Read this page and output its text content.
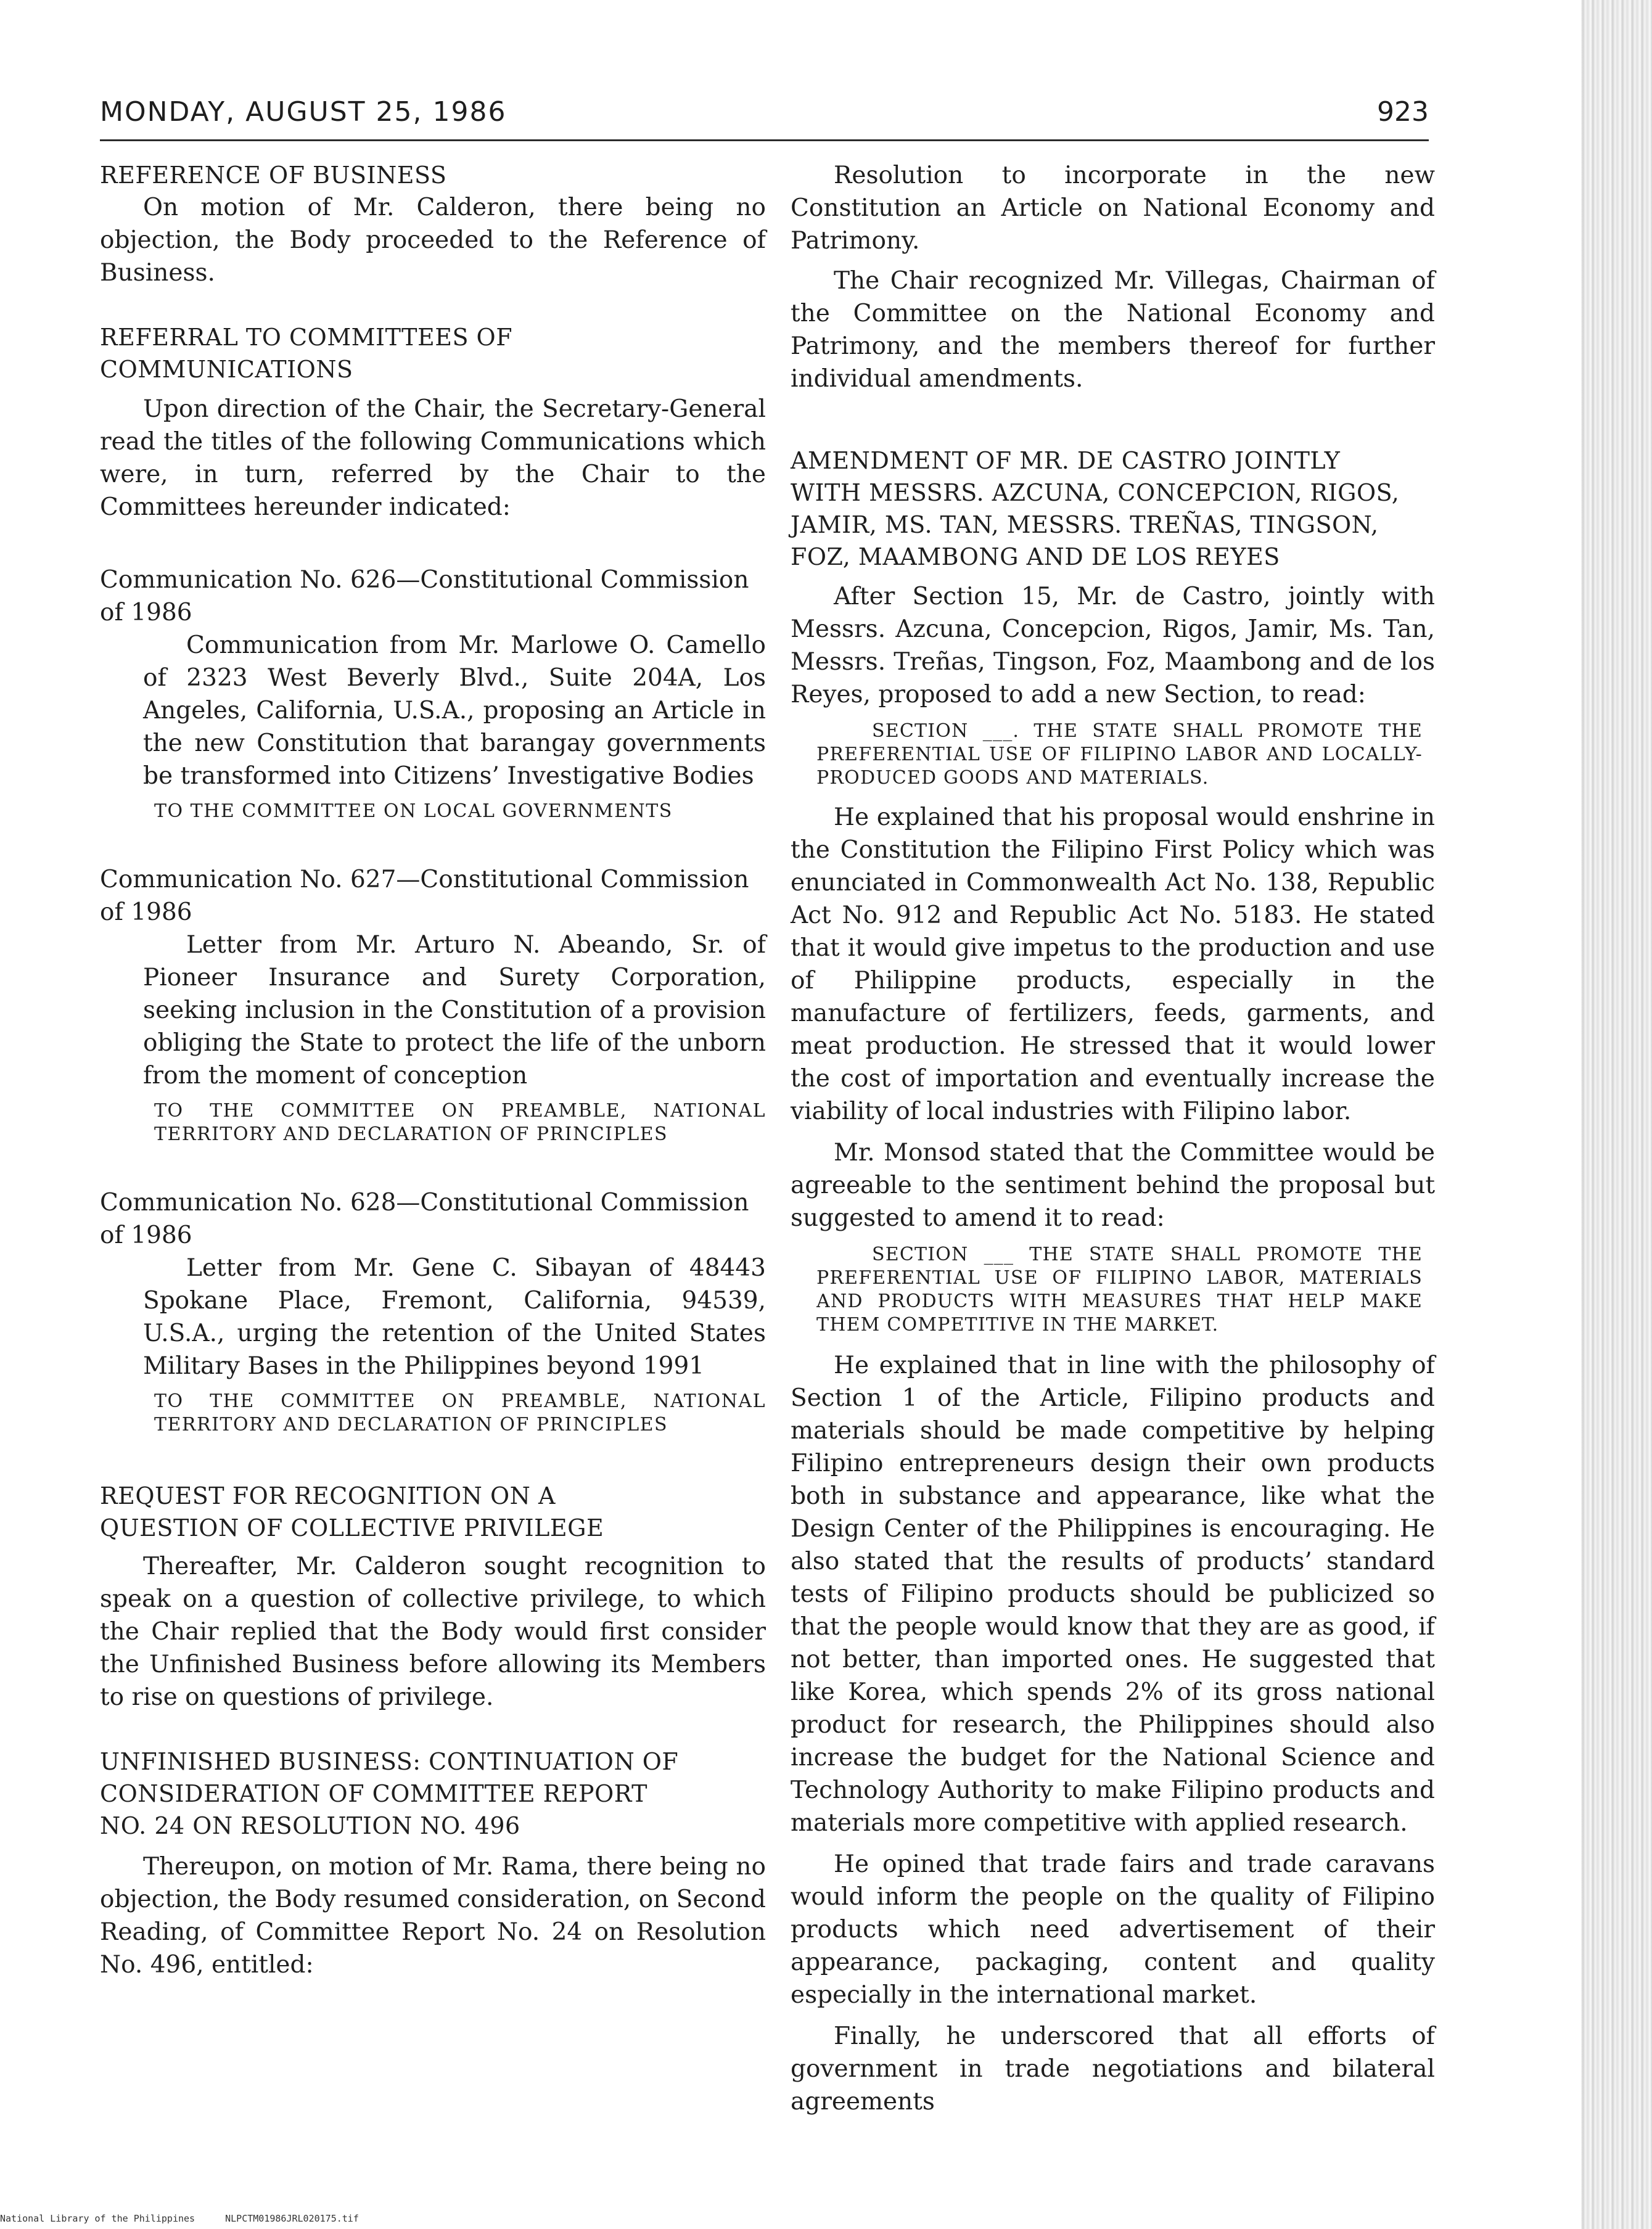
MONDAY, AUGUST 25, 1986	923

REFERENCE OF BUSINESS

On motion of Mr. Calderon, there being no objection, the Body proceeded to the Reference of Business.

REFERRAL TO COMMITTEES OF

COMMUNICATIONS

Upon direction of the Chair, the Secretary-General read the titles of the following Communications which were, in turn, referred by the Chair to the Committees hereunder indicated:

Communication No. 626—Constitutional Commission of 1986

Communication from Mr. Marlowe O. Camello of 2323 West Beverly Blvd., Suite 204A, Los Angeles, California, U.S.A., proposing an Article in the new Constitution that barangay governments be transformed into Citizens’ Investigative Bodies

TO THE COMMITTEE ON LOCAL GOVERNMENTS

Communication No. 627—Constitutional Commission of 1986

Letter from Mr. Arturo N. Abeando, Sr. of Pioneer Insurance and Surety Corporation, seeking inclusion in the Constitution of a provision obliging the State to protect the life of the unborn from the moment of conception

TO THE COMMITTEE ON PREAMBLE, NATIONAL TERRITORY AND DECLARATION OF PRINCIPLES

Communication No. 628—Constitutional Commission of 1986

Letter from Mr. Gene C. Sibayan of 48443 Spokane Place, Fremont, California, 94539, U.S.A., urging the retention of the United States Military Bases in the Philippines beyond 1991

TO THE COMMITTEE ON PREAMBLE, NATIONAL TERRITORY AND DECLARATION OF PRINCIPLES

REQUEST FOR RECOGNITION ON A

QUESTION OF COLLECTIVE PRIVILEGE

Thereafter, Mr. Calderon sought recognition to speak on a question of collective privilege, to which the Chair replied that the Body would first consider the Unfinished Business before allowing its Members to rise on questions of privilege.

UNFINISHED BUSINESS: CONTINUATION OF

CONSIDERATION OF COMMITTEE REPORT

NO. 24 ON RESOLUTION NO. 496

Thereupon, on motion of Mr. Rama, there being no objection, the Body resumed consideration, on Second Reading, of Committee Report No. 24 on Resolution No. 496, entitled:

Resolution to incorporate in the new Constitution an Article on National Economy and Patrimony.

The Chair recognized Mr. Villegas, Chairman of the Committee on the National Economy and Patrimony, and the members thereof for further individual amendments.

AMENDMENT OF MR. DE CASTRO JOINTLY

WITH MESSRS. AZCUNA, CONCEPCION, RIGOS,

JAMIR, MS. TAN, MESSRS. TREÑAS, TINGSON,

FOZ, MAAMBONG AND DE LOS REYES

After Section 15, Mr. de Castro, jointly with Messrs. Azcuna, Concepcion, Rigos, Jamir, Ms. Tan, Messrs. Treñas, Tingson, Foz, Maambong and de los Reyes, proposed to add a new Section, to read:

SECTION ___. THE STATE SHALL PROMOTE THE PREFERENTIAL USE OF FILIPINO LABOR AND LOCALLY-PRODUCED GOODS AND MATERIALS.

He explained that his proposal would enshrine in the Constitution the Filipino First Policy which was enunciated in Commonwealth Act No. 138, Republic Act No. 912 and Republic Act No. 5183. He stated that it would give impetus to the production and use of Philippine products, especially in the manufacture of fertilizers, feeds, garments, and meat production. He stressed that it would lower the cost of importation and eventually increase the viability of local industries with Filipino labor.

Mr. Monsod stated that the Committee would be agreeable to the sentiment behind the proposal but suggested to amend it to read:

SECTION ___ THE STATE SHALL PROMOTE THE PREFERENTIAL USE OF FILIPINO LABOR, MATERIALS AND PRODUCTS WITH MEASURES THAT HELP MAKE THEM COMPETITIVE IN THE MARKET.

He explained that in line with the philosophy of Section 1 of the Article, Filipino products and materials should be made competitive by helping Filipino entrepreneurs design their own products both in substance and appearance, like what the Design Center of the Philippines is encouraging. He also stated that the results of products’ standard tests of Filipino products should be publicized so that the people would know that they are as good, if not better, than imported ones. He suggested that like Korea, which spends 2% of its gross national product for research, the Philippines should also increase the budget for the National Science and Technology Authority to make Filipino products and materials more competitive with applied research.

He opined that trade fairs and trade caravans would inform the people on the quality of Filipino products which need advertisement of their appearance, packaging, content and quality especially in the international market.

Finally, he underscored that all efforts of government in trade negotiations and bilateral agreements

National Library of the Philippines	NLPCTM01986JRL020175.tif
